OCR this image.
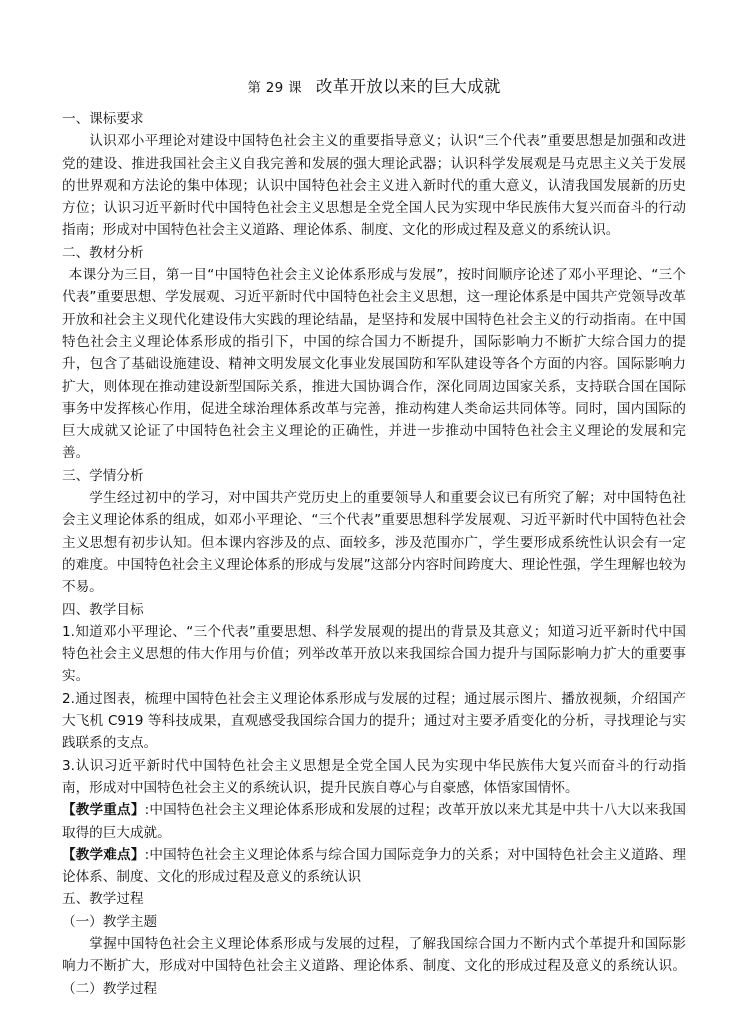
第 29 课 改革开放以来的巨大成就

一、课标要求

认识邓小平理论对建设中国特色社会主义的重要指导意义；认识“三个代表”重要思想是加强和改进党的建设、推进我国社会主义自我完善和发展的强大理论武器；认识科学发展观是马克思主义关于发展的世界观和方法论的集中体现；认识中国特色社会主义进入新时代的重大意义，认清我国发展新的历史方位；认识习近平新时代中国特色社会主义思想是全党全国人民为实现中华民族伟大复兴而奋斗的行动指南；形成对中国特色社会主义道路、理论体系、制度、文化的形成过程及意义的系统认识。

二、教材分析

本课分为三目，第一目“中国特色社会主义论体系形成与发展”，按时间顺序论述了邓小平理论、“三个代表”重要思想、学发展观、习近平新时代中国特色社会主义思想，这一理论体系是中国共产党领导改革开放和社会主义现代化建设伟大实践的理论结晶，是坚持和发展中国特色社会主义的行动指南。在中国特色社会主义理论体系形成的指引下，中国的综合国力不断提升，国际影响力不断扩大综合国力的提升，包含了基础设施建设、精神文明发展文化事业发展国防和军队建设等各个方面的内容。国际影响力扩大，则体现在推动建设新型国际关系，推进大国协调合作，深化同周边国家关系，支持联合国在国际事务中发挥核心作用，促进全球治理体系改革与完善，推动构建人类命运共同体等。同时，国内国际的巨大成就又论证了中国特色社会主义理论的正确性，并进一步推动中国特色社会主义理论的发展和完善。

三、学情分析

学生经过初中的学习，对中国共产党历史上的重要领导人和重要会议已有所究了解；对中国特色社会主义理论体系的组成，如邓小平理论、“三个代表”重要思想科学发展观、习近平新时代中国特色社会主义思想有初步认知。但本课内容涉及的点、面较多，涉及范围亦广，学生要形成系统性认识会有一定的难度。中国特色社会主义理论体系的形成与发展”这部分内容时间跨度大、理论性强，学生理解也较为不易。

四、教学目标

1.知道邓小平理论、“三个代表”重要思想、科学发展观的提出的背景及其意义；知道习近平新时代中国特色社会主义思想的伟大作用与价值；列举改革开放以来我国综合国力提升与国际影响力扩大的重要事实。

2.通过图表，梳理中国特色社会主义理论体系形成与发展的过程；通过展示图片、播放视频，介绍国产大飞机 C919 等科技成果，直观感受我国综合国力的提升；通过对主要矛盾变化的分析，寻找理论与实践联系的支点。

3.认识习近平新时代中国特色社会主义思想是全党全国人民为实现中华民族伟大复兴而奋斗的行动指南，形成对中国特色社会主义的系统认识，提升民族自尊心与自豪感，体悟家国情怀。

【教学重点】:中国特色社会主义理论体系形成和发展的过程；改革开放以来尤其是中共十八大以来我国取得的巨大成就。

【教学难点】:中国特色社会主义理论体系与综合国力国际竞争力的关系；对中国特色社会主义道路、理论体系、制度、文化的形成过程及意义的系统认识

五、教学过程

（一）教学主题

掌握中国特色社会主义理论体系形成与发展的过程，了解我国综合国力不断内式个革提升和国际影响力不断扩大，形成对中国特色社会主义道路、理论体系、制度、文化的形成过程及意义的系统认识。（二）教学过程
